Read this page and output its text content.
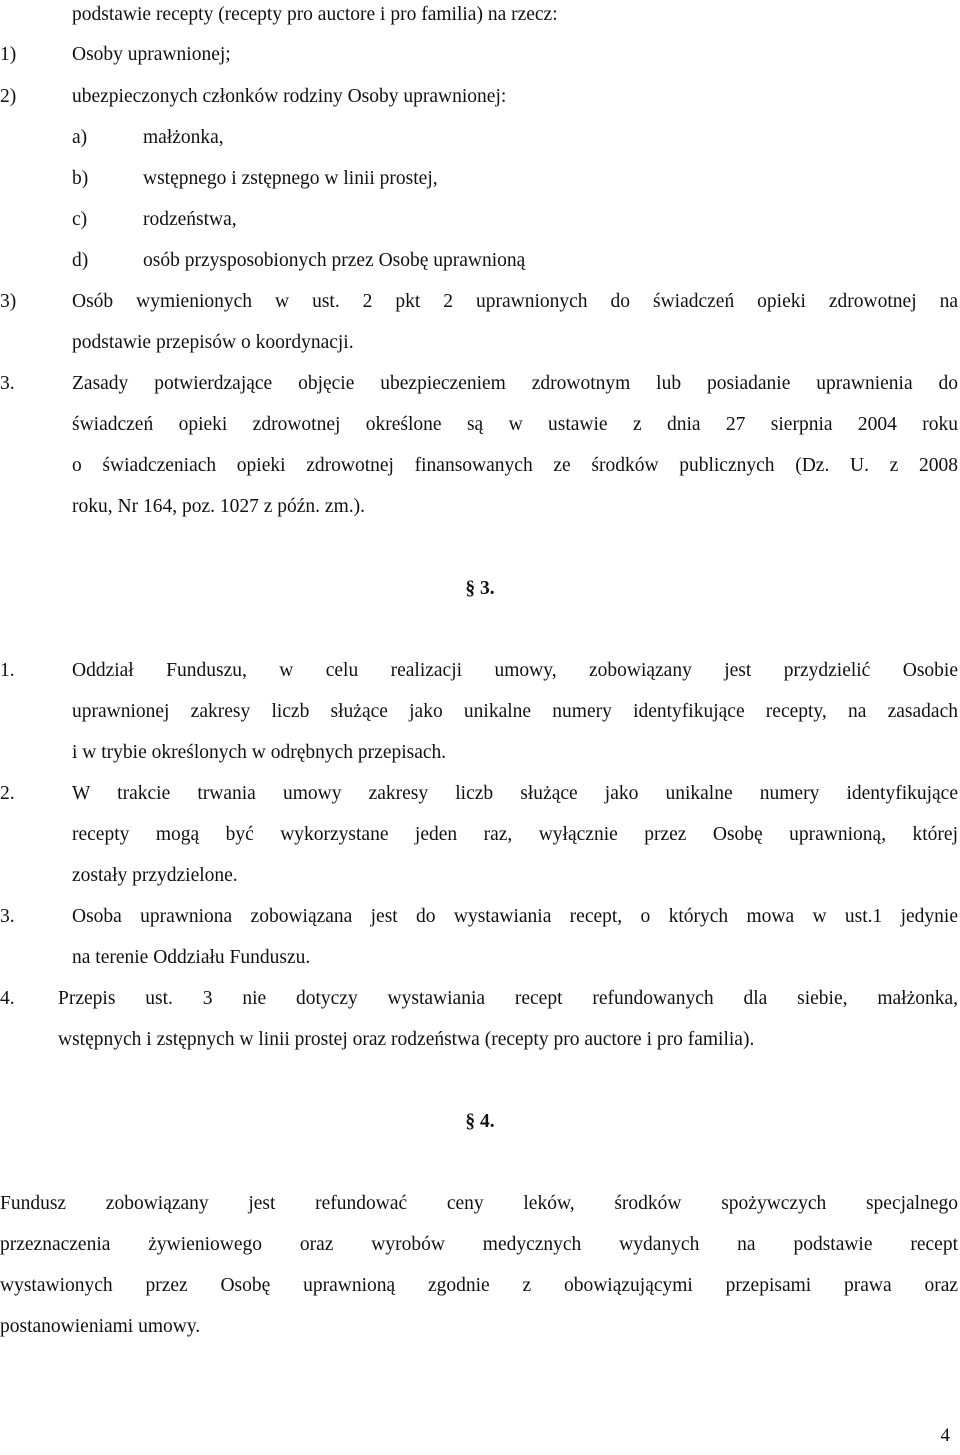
podstawie recepty (recepty pro auctore i pro familia) na rzecz:
1)	Osoby uprawnionej;
2)	ubezpieczonych członków rodziny Osoby uprawnionej:
a)	małżonka,
b)	wstępnego i zstępnego w linii prostej,
c)	rodzeństwa,
d)	osób przysposobionych przez Osobę uprawnioną
3)	Osób wymienionych w ust. 2 pkt 2 uprawnionych do świadczeń opieki zdrowotnej na
podstawie przepisów o koordynacji.
3.	Zasady potwierdzające objęcie ubezpieczeniem zdrowotnym lub posiadanie uprawnienia do
świadczeń opieki zdrowotnej określone są w ustawie z dnia 27 sierpnia 2004 roku
o świadczeniach opieki zdrowotnej finansowanych ze środków publicznych (Dz. U. z 2008
roku, Nr 164, poz. 1027 z późn. zm.).
§ 3.
1.	Oddział Funduszu, w celu realizacji umowy, zobowiązany jest przydzielić Osobie
uprawnionej zakresy liczb służące jako unikalne numery identyfikujące recepty, na zasadach
i w trybie określonych w odrębnych przepisach.
2.	W trakcie trwania umowy zakresy liczb służące jako unikalne numery identyfikujące
recepty mogą być wykorzystane jeden raz, wyłącznie przez Osobę uprawnioną, której
zostały przydzielone.
3.	Osoba uprawniona zobowiązana jest do wystawiania recept, o których mowa w ust.1 jedynie
na terenie Oddziału Funduszu.
4. Przepis ust. 3 nie dotyczy wystawiania recept refundowanych dla siebie, małżonka,
wstępnych i zstępnych w linii prostej oraz rodzeństwa (recepty pro auctore i pro familia).
§ 4.
Fundusz zobowiązany jest refundować ceny leków, środków spożywczych specjalnego
przeznaczenia żywieniowego oraz wyrobów medycznych wydanych na podstawie recept
wystawionych przez Osobę uprawnioną zgodnie z obowiązującymi przepisami prawa oraz
postanowieniami umowy.
4
